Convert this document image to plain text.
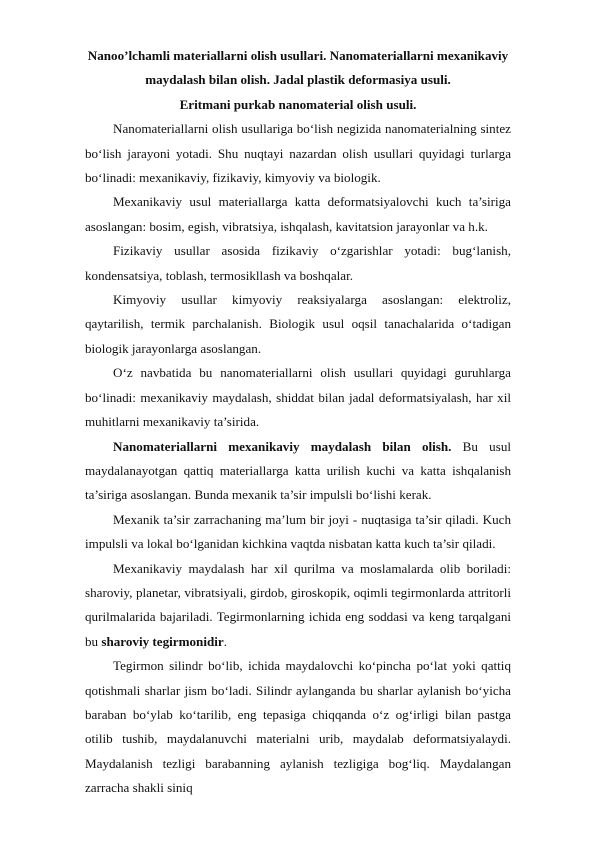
Nanoo’lchamli materiallarni olish usullari. Nanomateriallarni mexanikaviy
maydalash bilan olish. Jadal plastik deformasiya usuli.
Eritmani purkab nanomaterial olish usuli.

Nanomateriallarni olish usullariga bo‘lish negizida nanomaterialning sintez bo‘lish jarayoni yotadi. Shu nuqtayi nazardan olish usullari quyidagi turlarga bo‘linadi: mexanikaviy, fizikaviy, kimyoviy va biologik.

Mexanikaviy usul materiallarga katta deformatsiyalovchi kuch ta’siriga asoslangan: bosim, egish, vibratsiya, ishqalash, kavitatsion jarayonlar va h.k.

Fizikaviy usullar asosida fizikaviy o‘zgarishlar yotadi: bug‘lanish, kondensatsiya, toblash, termosikllash va boshqalar.

Kimyoviy usullar kimyoviy reaksiyalarga asoslangan: elektroliz, qaytarilish, termik parchalanish. Biologik usul oqsil tanachalarida o‘tadigan biologik jarayonlarga asoslangan.

O‘z navbatida bu nanomateriallarni olish usullari quyidagi guruhlarga bo‘linadi: mexanikaviy maydalash, shiddat bilan jadal deformatsiyalash, har xil muhitlarni mexanikaviy ta’sirida.

Nanomateriallarni mexanikaviy maydalash bilan olish. Bu usul maydalanayotgan qattiq materiallarga katta urilish kuchi va katta ishqalanish ta’siriga asoslangan. Bunda mexanik ta’sir impulsli bo‘lishi kerak.

Mexanik ta’sir zarrachaning ma’lum bir joyi - nuqtasiga ta’sir qiladi. Kuch impulsli va lokal bo‘lganidan kichkina vaqtda nisbatan katta kuch ta’sir qiladi.

Mexanikaviy maydalash har xil qurilma va moslamalarda olib boriladi: sharoviy, planetar, vibratsiyali, girdob, giroskopik, oqimli tegirmonlarda attritorli qurilmalarida bajariladi. Tegirmonlarning ichida eng soddasi va keng tarqalgani bu sharoviy tegirmonidir.

Tegirmon silindr bo‘lib, ichida maydalovchi ko‘pincha po‘lat yoki qattiq qotishmali sharlar jism bo‘ladi. Silindr aylanganda bu sharlar aylanish bo‘yicha baraban bo‘ylab ko‘tarilib, eng tepasiga chiqqanda o‘z og‘irligi bilan pastga otilib tushib, maydalanuvchi materialni urib, maydalab deformatsiyalaydi. Maydalanish tezligi barabanning aylanish tezligiga bog‘liq. Maydalangan zarracha shakli siniq
